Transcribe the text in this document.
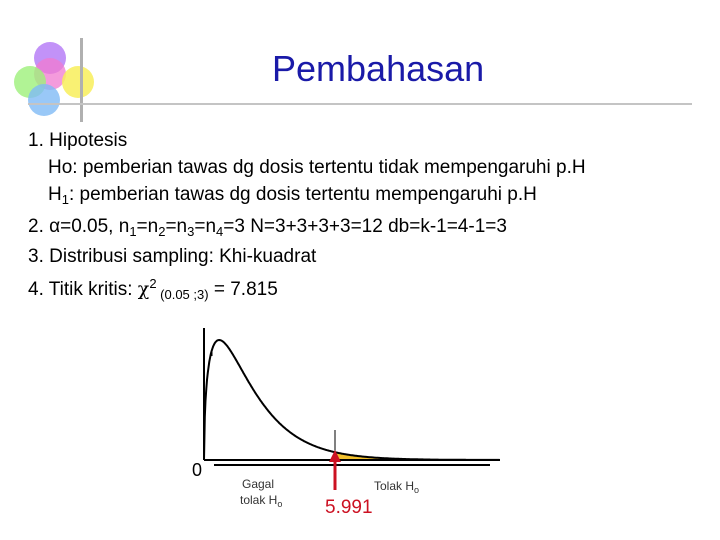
Pembahasan
1. Hipotesis
Ho: pemberian tawas dg dosis tertentu tidak mempengaruhi p.H
$H_1$: pemberian tawas dg dosis tertentu mempengaruhi p.H
2. α=0.05, $n_1=n_2=n_3=n_4=3$ N=3+3+3+3=12 db=k-1=4-1=3
3. Distribusi sampling: Khi-kuadrat
4. Titik kritis: $\chi^2$ $_{(0.05 ;3)}$ = 7.815
0
Gagal
tolak $H_o$
Tolak $H_o$
5.991
